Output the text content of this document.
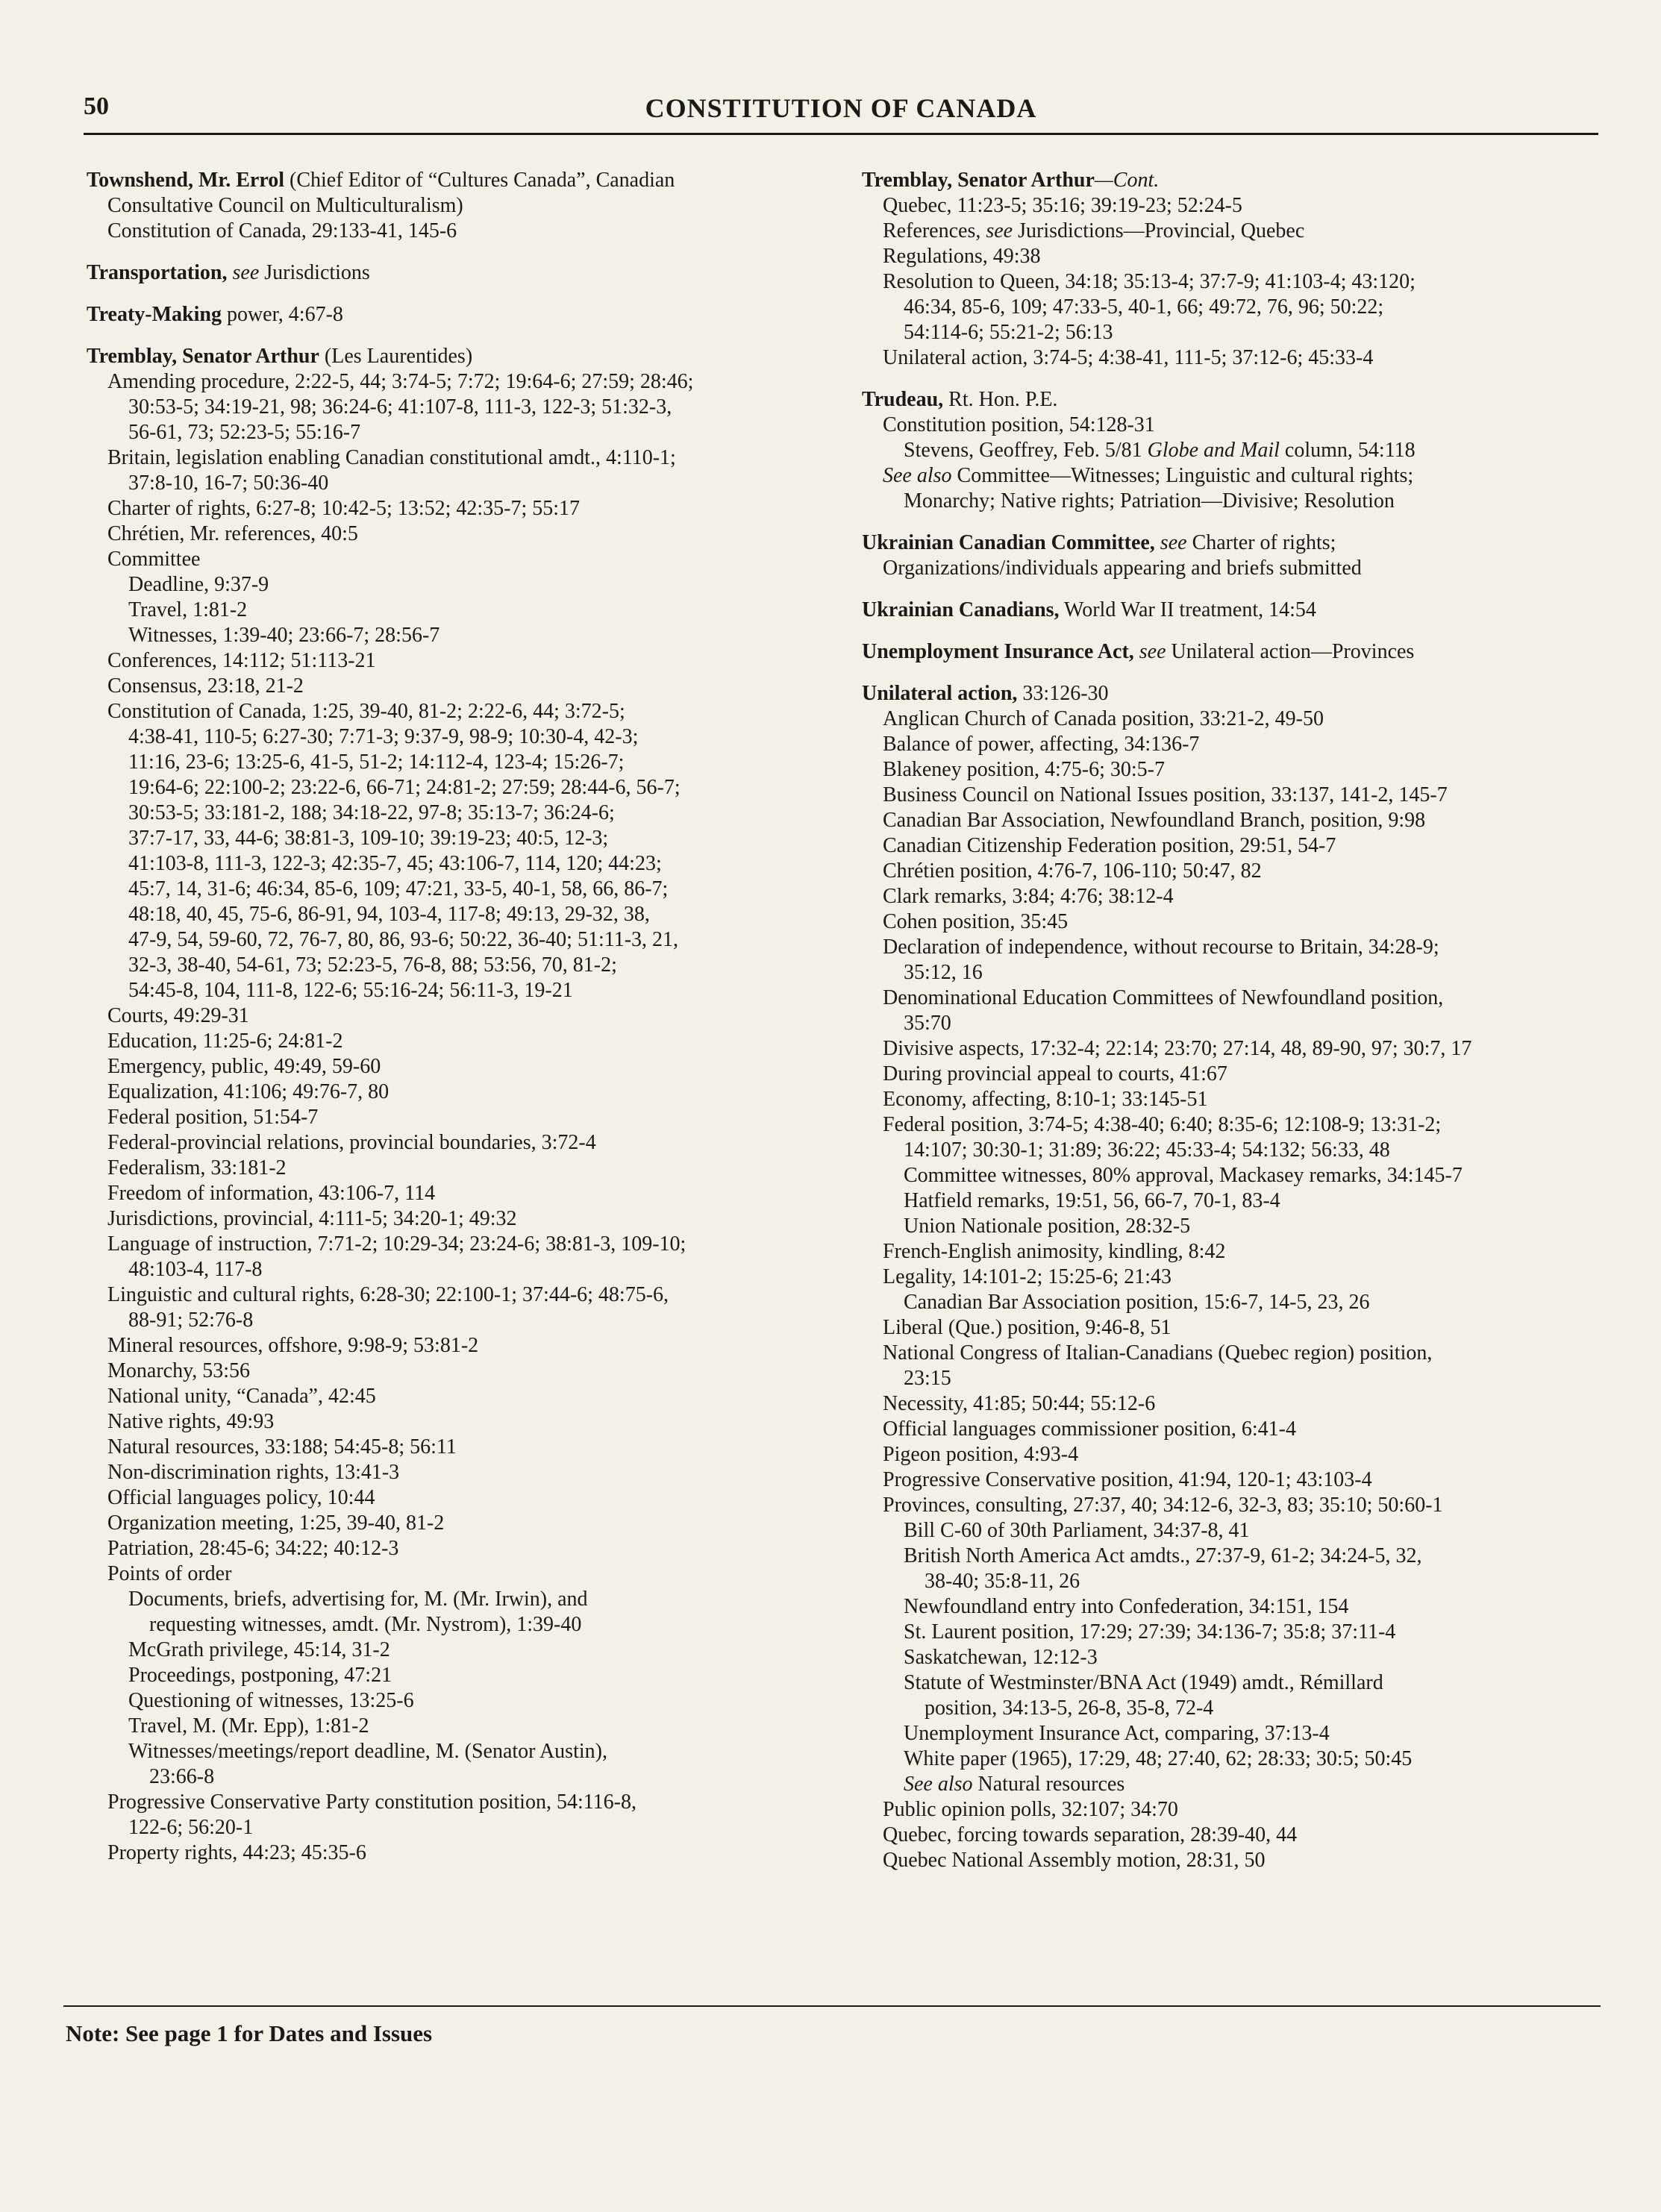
50	CONSTITUTION OF CANADA
Townshend, Mr. Errol (Chief Editor of “Cultures Canada”, Canadian
Consultative Council on Multiculturalism)
Constitution of Canada, 29:133-41, 145-6
Transportation, see Jurisdictions
Treaty-Making power, 4:67-8
Tremblay, Senator Arthur (Les Laurentides)
Amending procedure, 2:22-5, 44; 3:74-5; 7:72; 19:64-6; 27:59; 28:46;
30:53-5; 34:19-21, 98; 36:24-6; 41:107-8, 111-3, 122-3; 51:32-3,
56-61, 73; 52:23-5; 55:16-7
Britain, legislation enabling Canadian constitutional amdt., 4:110-1;
37:8-10, 16-7; 50:36-40
Charter of rights, 6:27-8; 10:42-5; 13:52; 42:35-7; 55:17
Chrétien, Mr. references, 40:5
Committee
Deadline, 9:37-9
Travel, 1:81-2
Witnesses, 1:39-40; 23:66-7; 28:56-7
Conferences, 14:112; 51:113-21
Consensus, 23:18, 21-2
Constitution of Canada, 1:25, 39-40, 81-2; 2:22-6, 44; 3:72-5;
4:38-41, 110-5; 6:27-30; 7:71-3; 9:37-9, 98-9; 10:30-4, 42-3;
11:16, 23-6; 13:25-6, 41-5, 51-2; 14:112-4, 123-4; 15:26-7;
19:64-6; 22:100-2; 23:22-6, 66-71; 24:81-2; 27:59; 28:44-6, 56-7;
30:53-5; 33:181-2, 188; 34:18-22, 97-8; 35:13-7; 36:24-6;
37:7-17, 33, 44-6; 38:81-3, 109-10; 39:19-23; 40:5, 12-3;
41:103-8, 111-3, 122-3; 42:35-7, 45; 43:106-7, 114, 120; 44:23;
45:7, 14, 31-6; 46:34, 85-6, 109; 47:21, 33-5, 40-1, 58, 66, 86-7;
48:18, 40, 45, 75-6, 86-91, 94, 103-4, 117-8; 49:13, 29-32, 38,
47-9, 54, 59-60, 72, 76-7, 80, 86, 93-6; 50:22, 36-40; 51:11-3, 21,
32-3, 38-40, 54-61, 73; 52:23-5, 76-8, 88; 53:56, 70, 81-2;
54:45-8, 104, 111-8, 122-6; 55:16-24; 56:11-3, 19-21
Courts, 49:29-31
Education, 11:25-6; 24:81-2
Emergency, public, 49:49, 59-60
Equalization, 41:106; 49:76-7, 80
Federal position, 51:54-7
Federal-provincial relations, provincial boundaries, 3:72-4
Federalism, 33:181-2
Freedom of information, 43:106-7, 114
Jurisdictions, provincial, 4:111-5; 34:20-1; 49:32
Language of instruction, 7:71-2; 10:29-34; 23:24-6; 38:81-3, 109-10;
48:103-4, 117-8
Linguistic and cultural rights, 6:28-30; 22:100-1; 37:44-6; 48:75-6,
88-91; 52:76-8
Mineral resources, offshore, 9:98-9; 53:81-2
Monarchy, 53:56
National unity, “Canada”, 42:45
Native rights, 49:93
Natural resources, 33:188; 54:45-8; 56:11
Non-discrimination rights, 13:41-3
Official languages policy, 10:44
Organization meeting, 1:25, 39-40, 81-2
Patriation, 28:45-6; 34:22; 40:12-3
Points of order
Documents, briefs, advertising for, M. (Mr. Irwin), and
requesting witnesses, amdt. (Mr. Nystrom), 1:39-40
McGrath privilege, 45:14, 31-2
Proceedings, postponing, 47:21
Questioning of witnesses, 13:25-6
Travel, M. (Mr. Epp), 1:81-2
Witnesses/meetings/report deadline, M. (Senator Austin),
23:66-8
Progressive Conservative Party constitution position, 54:116-8,
122-6; 56:20-1
Property rights, 44:23; 45:35-6
Tremblay, Senator Arthur—Cont.
Quebec, 11:23-5; 35:16; 39:19-23; 52:24-5
References, see Jurisdictions—Provincial, Quebec
Regulations, 49:38
Resolution to Queen, 34:18; 35:13-4; 37:7-9; 41:103-4; 43:120;
46:34, 85-6, 109; 47:33-5, 40-1, 66; 49:72, 76, 96; 50:22;
54:114-6; 55:21-2; 56:13
Unilateral action, 3:74-5; 4:38-41, 111-5; 37:12-6; 45:33-4
Trudeau, Rt. Hon. P.E.
Constitution position, 54:128-31
Stevens, Geoffrey, Feb. 5/81 Globe and Mail column, 54:118
See also Committee—Witnesses; Linguistic and cultural rights;
Monarchy; Native rights; Patriation—Divisive; Resolution
Ukrainian Canadian Committee, see Charter of rights;
Organizations/individuals appearing and briefs submitted
Ukrainian Canadians, World War II treatment, 14:54
Unemployment Insurance Act, see Unilateral action—Provinces
Unilateral action, 33:126-30
Anglican Church of Canada position, 33:21-2, 49-50
Balance of power, affecting, 34:136-7
Blakeney position, 4:75-6; 30:5-7
Business Council on National Issues position, 33:137, 141-2, 145-7
Canadian Bar Association, Newfoundland Branch, position, 9:98
Canadian Citizenship Federation position, 29:51, 54-7
Chrétien position, 4:76-7, 106-110; 50:47, 82
Clark remarks, 3:84; 4:76; 38:12-4
Cohen position, 35:45
Declaration of independence, without recourse to Britain, 34:28-9;
35:12, 16
Denominational Education Committees of Newfoundland position,
35:70
Divisive aspects, 17:32-4; 22:14; 23:70; 27:14, 48, 89-90, 97; 30:7, 17
During provincial appeal to courts, 41:67
Economy, affecting, 8:10-1; 33:145-51
Federal position, 3:74-5; 4:38-40; 6:40; 8:35-6; 12:108-9; 13:31-2;
14:107; 30:30-1; 31:89; 36:22; 45:33-4; 54:132; 56:33, 48
Committee witnesses, 80% approval, Mackasey remarks, 34:145-7
Hatfield remarks, 19:51, 56, 66-7, 70-1, 83-4
Union Nationale position, 28:32-5
French-English animosity, kindling, 8:42
Legality, 14:101-2; 15:25-6; 21:43
Canadian Bar Association position, 15:6-7, 14-5, 23, 26
Liberal (Que.) position, 9:46-8, 51
National Congress of Italian-Canadians (Quebec region) position,
23:15
Necessity, 41:85; 50:44; 55:12-6
Official languages commissioner position, 6:41-4
Pigeon position, 4:93-4
Progressive Conservative position, 41:94, 120-1; 43:103-4
Provinces, consulting, 27:37, 40; 34:12-6, 32-3, 83; 35:10; 50:60-1
Bill C-60 of 30th Parliament, 34:37-8, 41
British North America Act amdts., 27:37-9, 61-2; 34:24-5, 32,
38-40; 35:8-11, 26
Newfoundland entry into Confederation, 34:151, 154
St. Laurent position, 17:29; 27:39; 34:136-7; 35:8; 37:11-4
Saskatchewan, 12:12-3
Statute of Westminster/BNA Act (1949) amdt., Rémillard
position, 34:13-5, 26-8, 35-8, 72-4
Unemployment Insurance Act, comparing, 37:13-4
White paper (1965), 17:29, 48; 27:40, 62; 28:33; 30:5; 50:45
See also Natural resources
Public opinion polls, 32:107; 34:70
Quebec, forcing towards separation, 28:39-40, 44
Quebec National Assembly motion, 28:31, 50
Note: See page 1 for Dates and Issues
